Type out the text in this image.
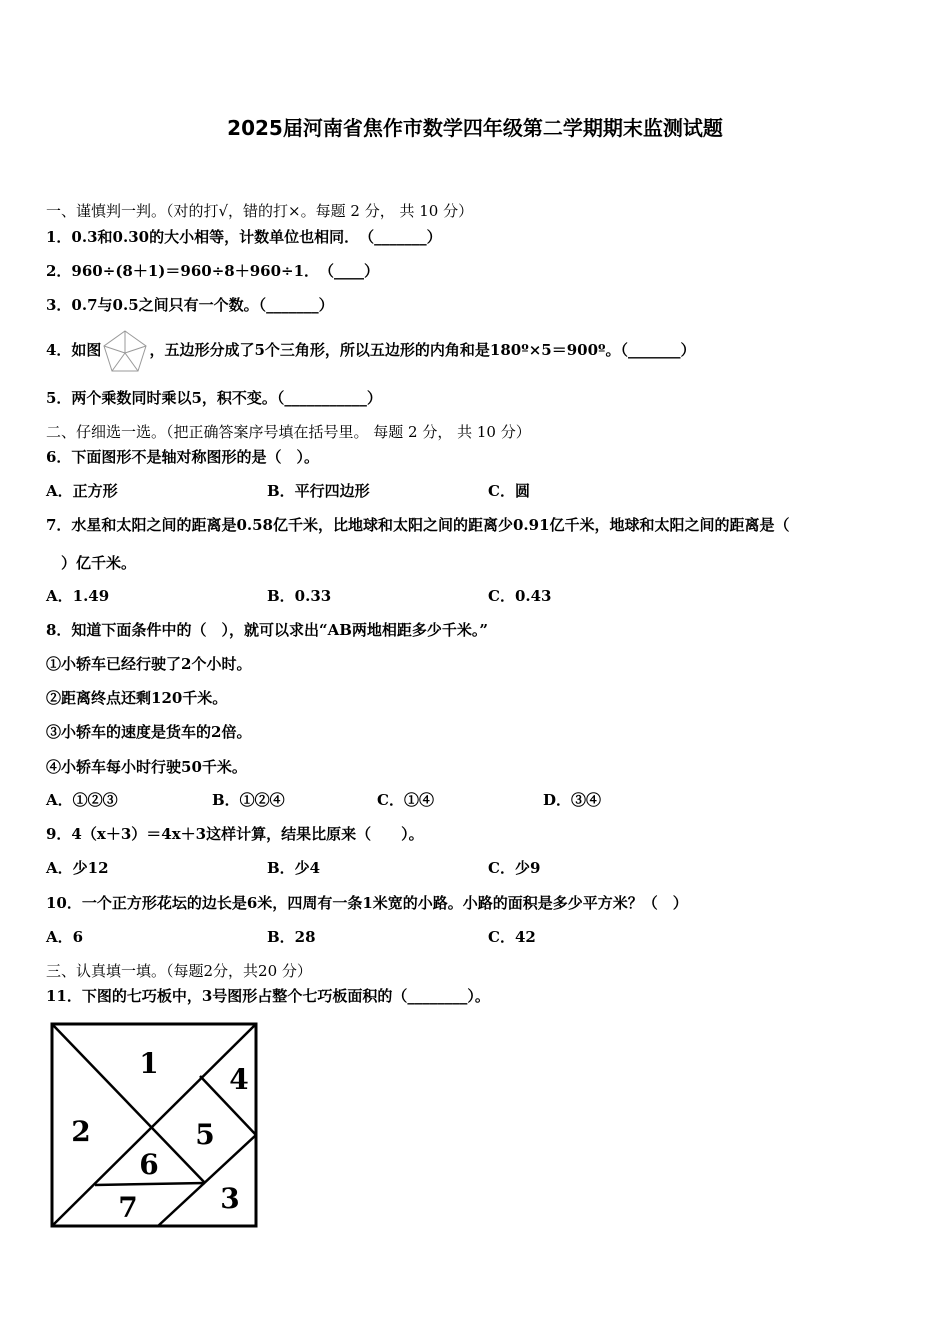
2025届河南省焦作市数学四年级第二学期期末监测试题
一、谨慎判一判。（对的打√，错的打×。每题 2 分， 共 10 分）
1．0.3和0.30的大小相等，计数单位也相同．　（_______）
2．960÷(8＋1)＝960÷8＋960÷1．　（____）
3．0.7与0.5之间只有一个数。（_______）
4．如图	，五边形分成了5个三角形，所以五边形的内角和是180º×5＝900º。（_______）
5．两个乘数同时乘以5，积不变。（___________）
二、仔细选一选。（把正确答案序号填在括号里。 每题 2 分， 共 10 分）
6．下面图形不是轴对称图形的是（　）。
A．正方形	B．平行四边形	C．圆
7．水星和太阳之间的距离是0.58亿千米，比地球和太阳之间的距离少0.91亿千米，地球和太阳之间的距离是（
　）亿千米。
A．1.49	B．0.33	C．0.43
8．知道下面条件中的（　），就可以求出“AB两地相距多少千米。”
①小轿车已经行驶了2个小时。
②距离终点还剩120千米。
③小轿车的速度是货车的2倍。
④小轿车每小时行驶50千米。
A．①②③	B．①②④	C．①④	D．③④
9．4（x＋3）＝4x＋3这样计算，结果比原来（　　）。
A．少12	B．少4	C．少9
10．一个正方形花坛的边长是6米，四周有一条1米宽的小路。小路的面积是多少平方米？（　）
A．6	B．28	C．42
三、认真填一填。（每题2分，共20 分）
11．下图的七巧板中，3号图形占整个七巧板面积的（________）。
1
2
3
4
5
6
7
